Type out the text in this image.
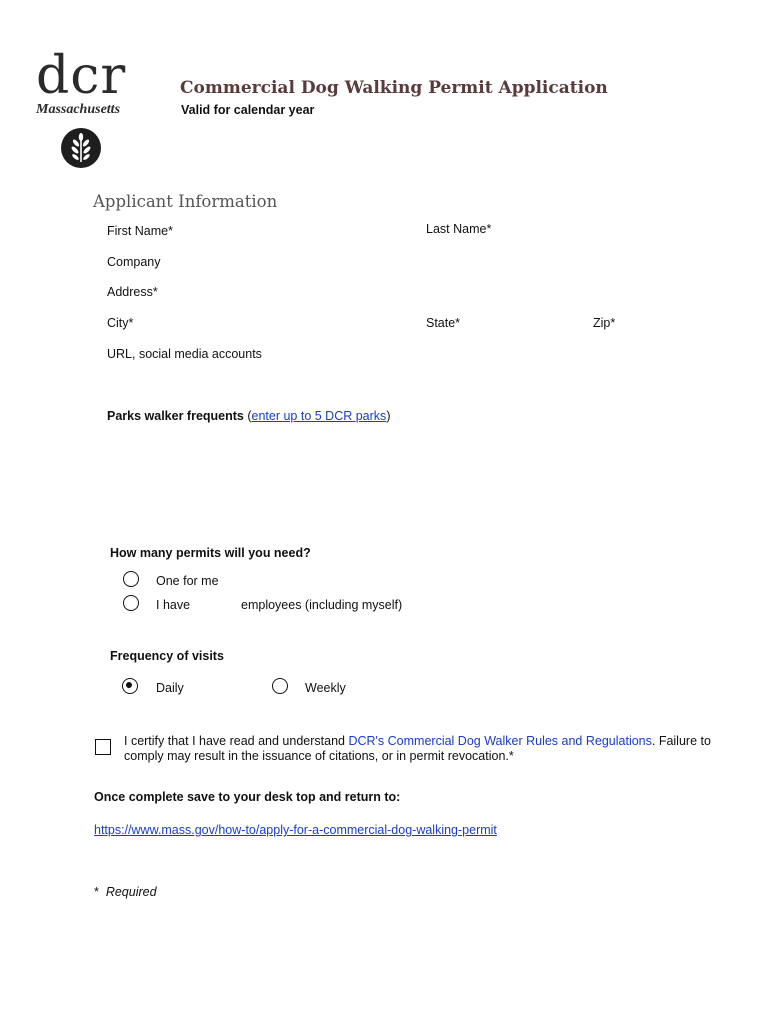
dcr
Massachusetts
Commercial Dog Walking Permit Application
Valid for calendar year
Applicant Information
First Name*	Last Name*
Company
Address*
City*	State*	Zip*
URL, social media accounts
Parks walker frequents (enter up to 5 DCR parks)
How many permits will you need?
One for me
I have	employees (including myself)
Frequency of visits
Daily	Weekly
I certify that I have read and understand DCR's Commercial Dog Walker Rules and Regulations. Failure to
comply may result in the issuance of citations, or in permit revocation.*
Once complete save to your desk top and return to:
https://www.mass.gov/how-to/apply-for-a-commercial-dog-walking-permit
* Required
